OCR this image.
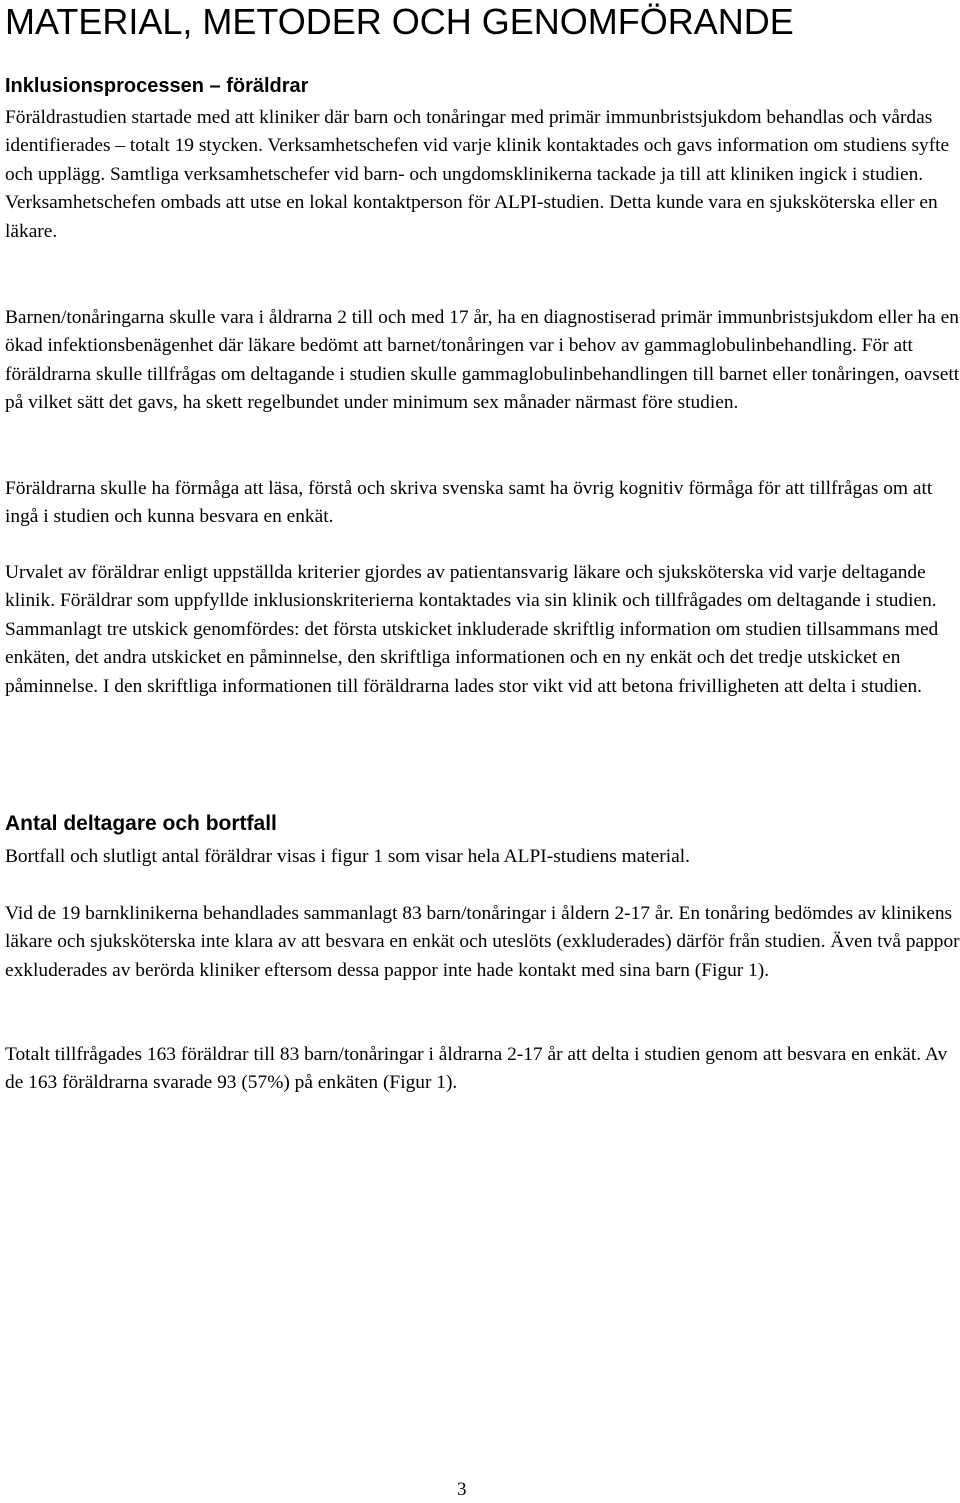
MATERIAL, METODER OCH GENOMFÖRANDE
Inklusionsprocessen – föräldrar

Föräldrastudien startade med att kliniker där barn och tonåringar med primär immunbristsjukdom behandlas och vårdas identifierades – totalt 19 stycken. Verksamhetschefen vid varje klinik kontaktades och gavs information om studiens syfte och upplägg. Samtliga verksamhetschefer vid barn- och ungdomsklinikerna tackade ja till att kliniken ingick i studien. Verksamhetschefen ombads att utse en lokal kontaktperson för ALPI-studien. Detta kunde vara en sjuksköterska eller en läkare.

Barnen/tonåringarna skulle vara i åldrarna 2 till och med 17 år, ha en diagnostiserad primär immunbristsjukdom eller ha en ökad infektionsbenägenhet där läkare bedömt att barnet/tonåringen var i behov av gammaglobulinbehandling. För att föräldrarna skulle tillfrågas om deltagande i studien skulle gammaglobulinbehandlingen till barnet eller tonåringen, oavsett på vilket sätt det gavs, ha skett regelbundet under minimum sex månader närmast före studien.

Föräldrarna skulle ha förmåga att läsa, förstå och skriva svenska samt ha övrig kognitiv förmåga för att tillfrågas om att ingå i studien och kunna besvara en enkät.

Urvalet av föräldrar enligt uppställda kriterier gjordes av patientansvarig läkare och sjuksköterska vid varje deltagande klinik. Föräldrar som uppfyllde inklusionskriterierna kontaktades via sin klinik och tillfrågades om deltagande i studien. Sammanlagt tre utskick genomfördes: det första utskicket inkluderade skriftlig information om studien tillsammans med enkäten, det andra utskicket en påminnelse, den skriftliga informationen och en ny enkät och det tredje utskicket en påminnelse. I den skriftliga informationen till föräldrarna lades stor vikt vid att betona frivilligheten att delta i studien.

Antal deltagare och bortfall

Bortfall och slutligt antal föräldrar visas i figur 1 som visar hela ALPI-studiens material.

Vid de 19 barnklinikerna behandlades sammanlagt 83 barn/tonåringar i åldern 2-17 år. En tonåring bedömdes av klinikens läkare och sjuksköterska inte klara av att besvara en enkät och uteslöts (exkluderades) därför från studien. Även två pappor exkluderades av berörda kliniker eftersom dessa pappor inte hade kontakt med sina barn (Figur 1).

Totalt tillfrågades 163 föräldrar till 83 barn/tonåringar i åldrarna 2-17 år att delta i studien genom att besvara en enkät. Av de 163 föräldrarna svarade 93 (57%) på enkäten (Figur 1).

3
